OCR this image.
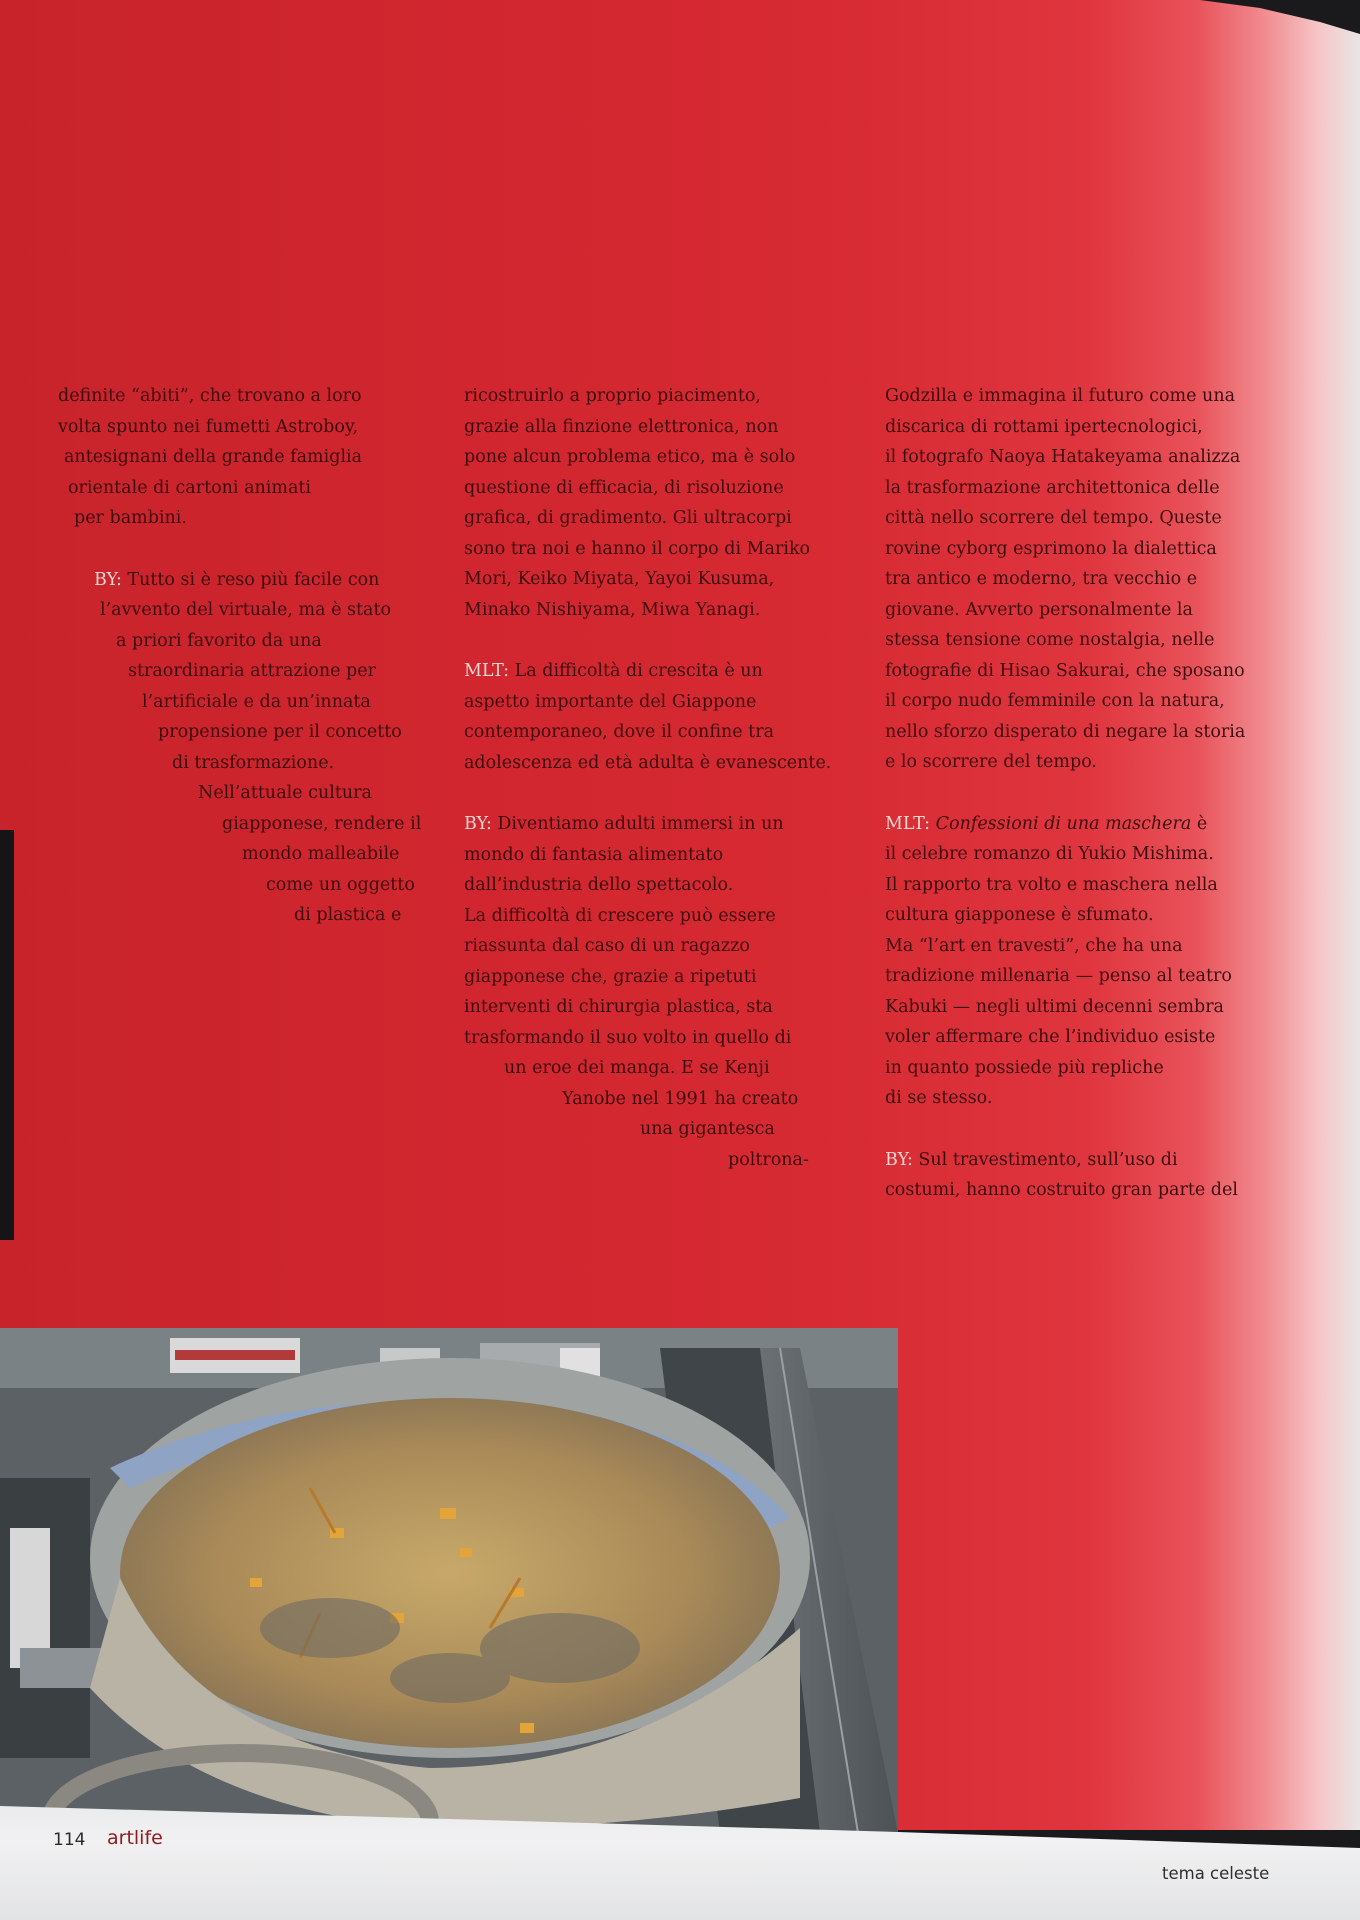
definite “abiti”, che trovano a loro

volta spunto nei fumetti Astroboy,

antesignani della grande famiglia

orientale di cartoni animati

per bambini.

BY: Tutto si è reso più facile con

l’avvento del virtuale, ma è stato

a priori favorito da una

straordinaria attrazione per

l’artificiale e da un’innata

propensione per il concetto

di trasformazione.

Nell’attuale cultura

giapponese, rendere il

mondo malleabile

come un oggetto

di plastica e

ricostruirlo a proprio piacimento,

grazie alla finzione elettronica, non

pone alcun problema etico, ma è solo

questione di efficacia, di risoluzione

grafica, di gradimento. Gli ultracorpi

sono tra noi e hanno il corpo di Mariko

Mori, Keiko Miyata, Yayoi Kusuma,

Minako Nishiyama, Miwa Yanagi.

MLT: La difficoltà di crescita è un

aspetto importante del Giappone

contemporaneo, dove il confine tra

adolescenza ed età adulta è evanescente.

BY: Diventiamo adulti immersi in un

mondo di fantasia alimentato

dall’industria dello spettacolo.

La difficoltà di crescere può essere

riassunta dal caso di un ragazzo

giapponese che, grazie a ripetuti

interventi di chirurgia plastica, sta

trasformando il suo volto in quello di

un eroe dei manga. E se Kenji

Yanobe nel 1991 ha creato

una gigantesca

poltrona-

Godzilla e immagina il futuro come una

discarica di rottami ipertecnologici,

il fotografo Naoya Hatakeyama analizza

la trasformazione architettonica delle

città nello scorrere del tempo. Queste

rovine cyborg esprimono la dialettica

tra antico e moderno, tra vecchio e

giovane. Avverto personalmente la

stessa tensione come nostalgia, nelle

fotografie di Hisao Sakurai, che sposano

il corpo nudo femminile con la natura,

nello sforzo disperato di negare la storia

e lo scorrere del tempo.

MLT: Confessioni di una maschera è

il celebre romanzo di Yukio Mishima.

Il rapporto tra volto e maschera nella

cultura giapponese è sfumato.

Ma “l’art en travesti”, che ha una

tradizione millenaria — penso al teatro

Kabuki — negli ultimi decenni sembra

voler affermare che l’individuo esiste

in quanto possiede più repliche

di se stesso.

BY: Sul travestimento, sull’uso di

costumi, hanno costruito gran parte del

114 artlife
tema celeste
